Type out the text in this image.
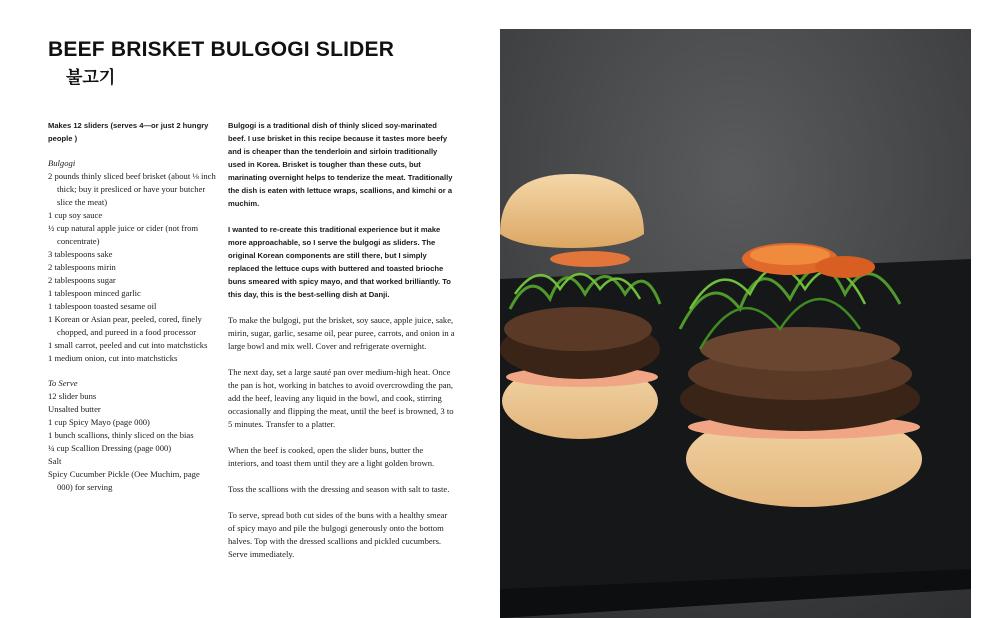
BEEF BRISKET BULGOGI SLIDER
불고기
Makes 12 sliders (serves 4—or just 2 hungry people )
Bulgogi
2 pounds thinly sliced beef brisket (about ⅛ inch thick; buy it presliced or have your butcher slice the meat)
1 cup soy sauce
½ cup natural apple juice or cider (not from concentrate)
3 tablespoons sake
2 tablespoons mirin
2 tablespoons sugar
1 tablespoon minced garlic
1 tablespoon toasted sesame oil
1 Korean or Asian pear, peeled, cored, finely chopped, and pureed in a food processor
1 small carrot, peeled and cut into matchsticks
1 medium onion, cut into matchsticks
To Serve
12 slider buns
Unsalted butter
1 cup Spicy Mayo (page 000)
1 bunch scallions, thinly sliced on the bias
¼ cup Scallion Dressing (page 000)
Salt
Spicy Cucumber Pickle (Oee Muchim, page 000) for serving

Bulgogi is a traditional dish of thinly sliced soy-marinated beef. I use brisket in this recipe because it tastes more beefy and is cheaper than the tenderloin and sirloin traditionally used in Korea. Brisket is tougher than these cuts, but marinating overnight helps to tenderize the meat. Traditionally the dish is eaten with lettuce wraps, scallions, and kimchi or a muchim.

I wanted to re-create this traditional experience but it make more approachable, so I serve the bulgogi as sliders. The original Korean components are still there, but I simply replaced the lettuce cups with buttered and toasted brioche buns smeared with spicy mayo, and that worked brilliantly. To this day, this is the best-selling dish at Danji.

To make the bulgogi, put the brisket, soy sauce, apple juice, sake, mirin, sugar, garlic, sesame oil, pear puree, carrots, and onion in a large bowl and mix well. Cover and refrigerate overnight.

The next day, set a large sauté pan over medium-high heat. Once the pan is hot, working in batches to avoid overcrowding the pan, add the beef, leaving any liquid in the bowl, and cook, stirring occasionally and flipping the meat, until the beef is browned, 3 to 5 minutes. Transfer to a platter.

When the beef is cooked, open the slider buns, butter the interiors, and toast them until they are a light golden brown.

Toss the scallions with the dressing and season with salt to taste.

To serve, spread both cut sides of the buns with a healthy smear of spicy mayo and pile the bulgogi generously onto the bottom halves. Top with the dressed scallions and pickled cucumbers. Serve immediately.
